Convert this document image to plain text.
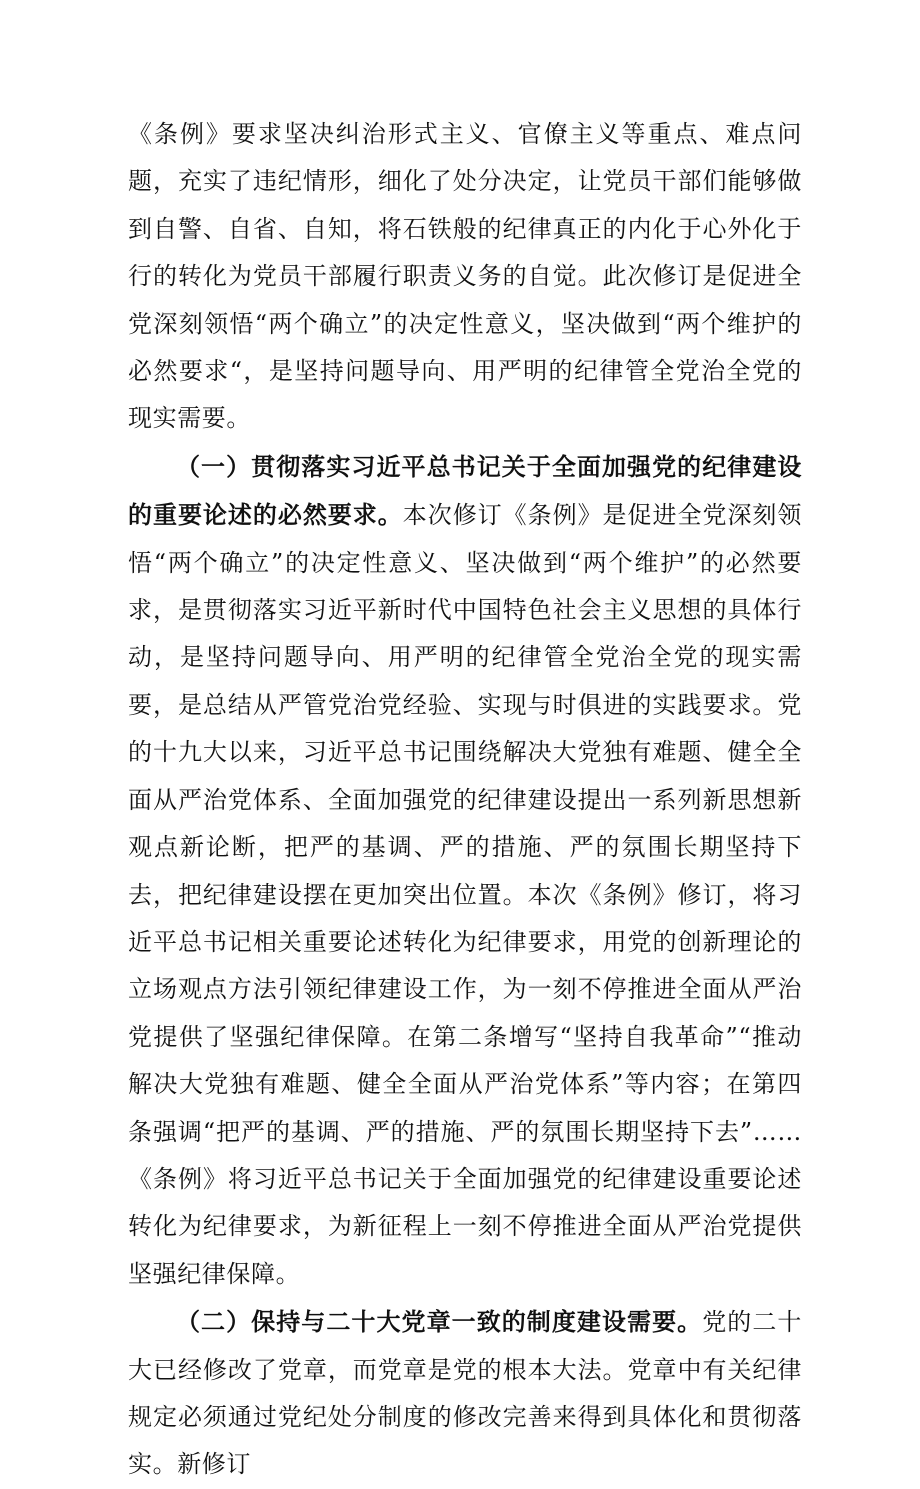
《条例》要求坚决纠治形式主义、官僚主义等重点、难点问题，充实了违纪情形，细化了处分决定，让党员干部们能够做到自警、自省、自知，将石铁般的纪律真正的内化于心外化于行的转化为党员干部履行职责义务的自觉。此次修订是促进全党深刻领悟“两个确立”的决定性意义，坚决做到“两个维护的必然要求“，是坚持问题导向、用严明的纪律管全党治全党的现实需要。

（一）贯彻落实习近平总书记关于全面加强党的纪律建设的重要论述的必然要求。本次修订《条例》是促进全党深刻领悟“两个确立”的决定性意义、坚决做到“两个维护”的必然要求，是贯彻落实习近平新时代中国特色社会主义思想的具体行动，是坚持问题导向、用严明的纪律管全党治全党的现实需要，是总结从严管党治党经验、实现与时俱进的实践要求。党的十九大以来，习近平总书记围绕解决大党独有难题、健全全面从严治党体系、全面加强党的纪律建设提出一系列新思想新观点新论断，把严的基调、严的措施、严的氛围长期坚持下去，把纪律建设摆在更加突出位置。本次《条例》修订，将习近平总书记相关重要论述转化为纪律要求，用党的创新理论的立场观点方法引领纪律建设工作，为一刻不停推进全面从严治党提供了坚强纪律保障。在第二条增写“坚持自我革命”“推动解决大党独有难题、健全全面从严治党体系”等内容；在第四条强调“把严的基调、严的措施、严的氛围长期坚持下去”……《条例》将习近平总书记关于全面加强党的纪律建设重要论述转化为纪律要求，为新征程上一刻不停推进全面从严治党提供坚强纪律保障。

（二）保持与二十大党章一致的制度建设需要。党的二十大已经修改了党章，而党章是党的根本大法。党章中有关纪律规定必须通过党纪处分制度的修改完善来得到具体化和贯彻落实。新修订
